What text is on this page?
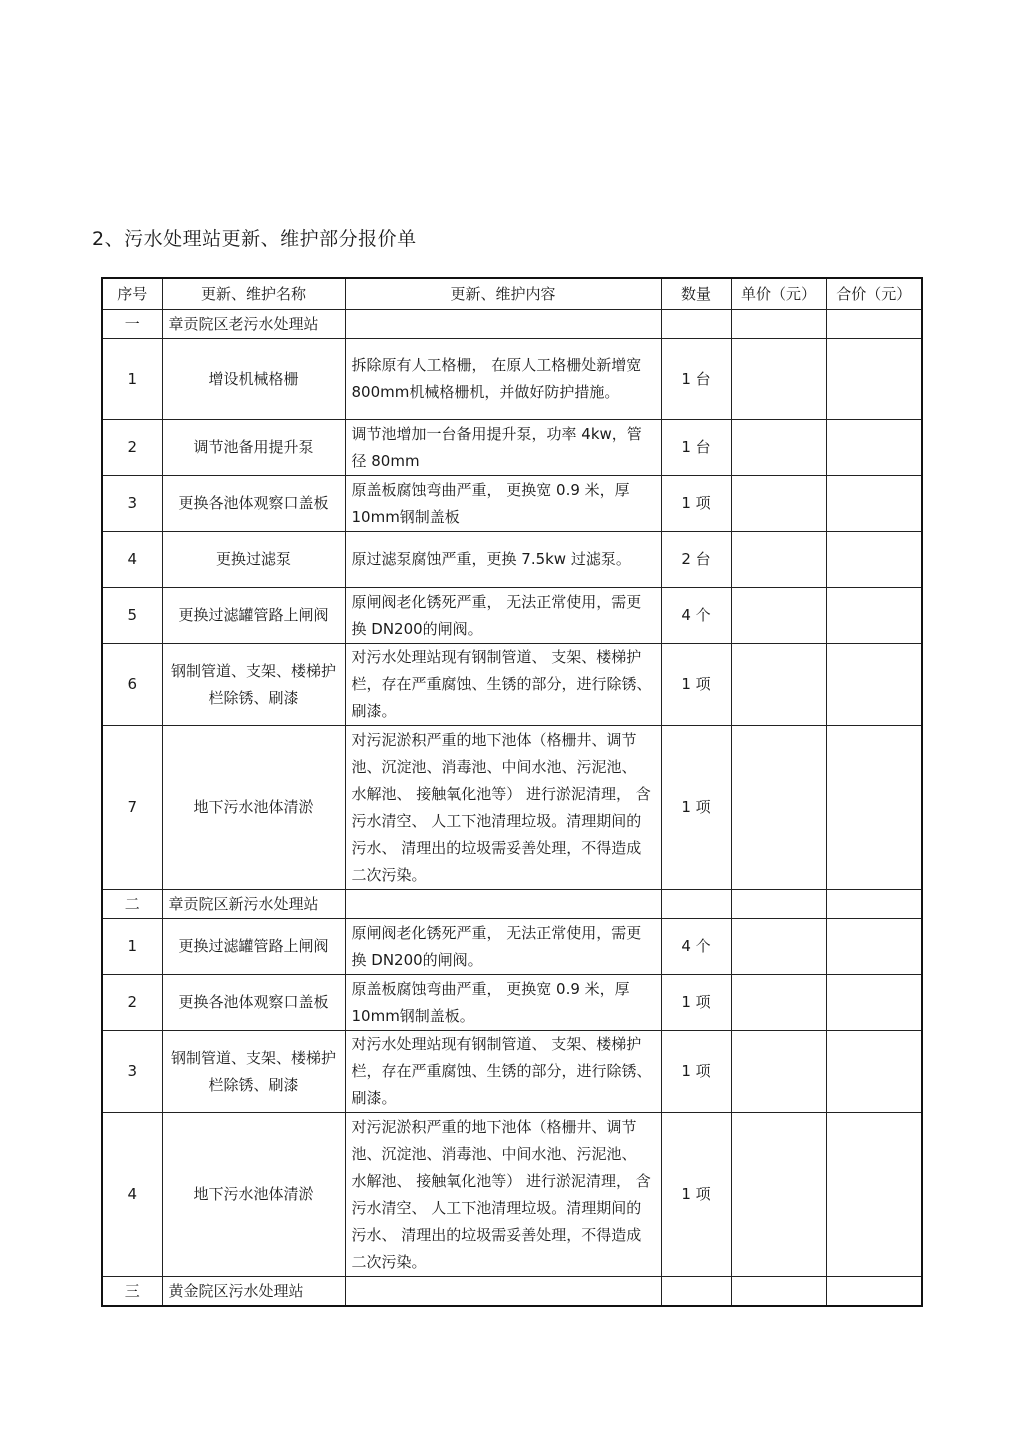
2、污水处理站更新、维护部分报价单
序号	更新、维护名称	更新、维护内容	数量	单价（元）	合价（元）
一	章贡院区老污水处理站				
1	增设机械格栅	拆除原有人工格栅， 在原人工格栅处新增宽 800mm机械格栅机，并做好防护措施。	1 台		
2	调节池备用提升泵	调节池增加一台备用提升泵，功率 4kw，管径 80mm	1 台		
3	更换各池体观察口盖板	原盖板腐蚀弯曲严重， 更换宽 0.9 米，厚 10mm钢制盖板	1 项		
4	更换过滤泵	原过滤泵腐蚀严重，更换 7.5kw 过滤泵。	2 台		
5	更换过滤罐管路上闸阀	原闸阀老化锈死严重， 无法正常使用，需更换 DN200的闸阀。	4 个		
6	钢制管道、支架、楼梯护栏除锈、刷漆	对污水处理站现有钢制管道、 支架、楼梯护栏，存在严重腐蚀、生锈的部分，进行除锈、刷漆。	1 项		
7	地下污水池体清淤	对污泥淤积严重的地下池体（格栅井、调节池、沉淀池、消毒池、中间水池、污泥池、 水解池、 接触氧化池等） 进行淤泥清理， 含污水清空、 人工下池清理垃圾。清理期间的污水、 清理出的垃圾需妥善处理，不得造成二次污染。	1 项		
二	章贡院区新污水处理站				
1	更换过滤罐管路上闸阀	原闸阀老化锈死严重， 无法正常使用，需更换 DN200的闸阀。	4 个		
2	更换各池体观察口盖板	原盖板腐蚀弯曲严重， 更换宽 0.9 米，厚 10mm钢制盖板。	1 项		
3	钢制管道、支架、楼梯护栏除锈、刷漆	对污水处理站现有钢制管道、 支架、楼梯护栏，存在严重腐蚀、生锈的部分，进行除锈、刷漆。	1 项		
4	地下污水池体清淤	对污泥淤积严重的地下池体（格栅井、调节池、沉淀池、消毒池、中间水池、污泥池、 水解池、 接触氧化池等） 进行淤泥清理， 含污水清空、 人工下池清理垃圾。清理期间的污水、 清理出的垃圾需妥善处理，不得造成二次污染。	1 项		
三	黄金院区污水处理站				
